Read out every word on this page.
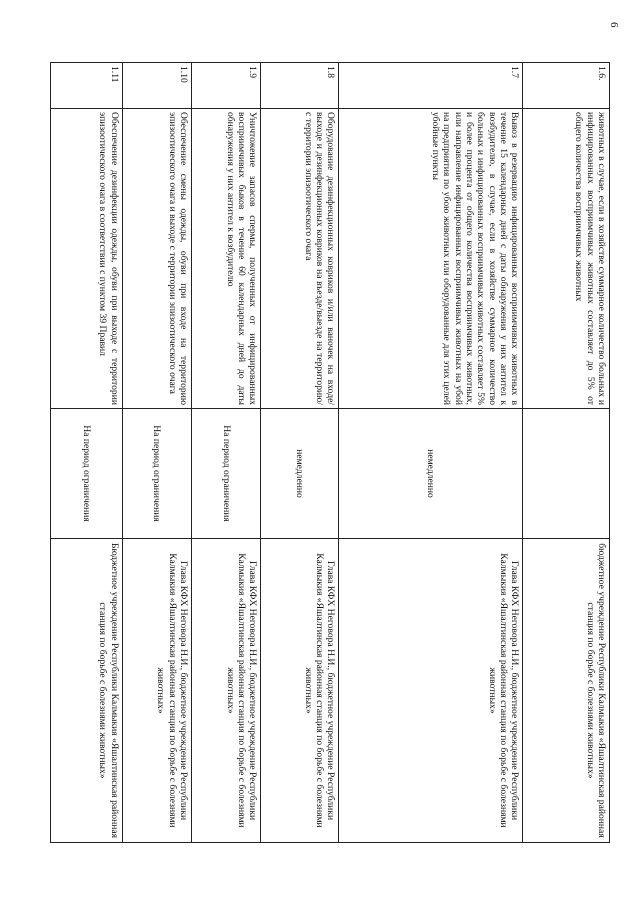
6
1.6.	животных в случае, если в хозяйстве суммарное количество больных и инфицированных восприимчивых животных составляет до 5% от общего количества восприимчивых животных		бюджетное учреждение Республики Калмыкия «Яшалтинская районная станция по борьбе с болезнями животных»
1.7	Вывоз в резервацию инфицированных восприимчивых животных в течение 15 календарных дней с даты обнаружения у них антител к возбудителю, в случае, если в хозяйстве суммарное количество больных и инфицированных восприимчивых животных составляет 5% и более процента от общего количества восприимчивых животных, или направление инфицированных восприимчивых животных на убой на предприятия по убою животных или оборудованные для этих целей убойные пункты	немедленно	Глава КФХ Неговора Н.И., бюджетное учреждение Республики Калмыкия «Яшалтинская районная станция по борьбе с болезнями животных»
1.8	Оборудование дезинфекционных ковриков и/или ваночек на входе/выходе и дезинфекционных ковриков на въезде/выезде на территорию/с территории эпизоотического очага	немедленно	Глава КФХ Неговора Н.И., бюджетное учреждение Республики Калмыкия «Яшалтинская районная станция по борьбе с болезнями животных»
1.9	Уничтожение запасов спермы, полученных от инфицированных восприимчивых быков в течение 60 календарных дней до даты обнаружения у них антител к возбудителю	На период ограничения	Глава КФХ Неговора Н.И., бюджетное учреждение Республики Калмыкия «Яшалтинская районная станция по борьбе с болезнями животных»
1.10	Обеспечение смены одежды, обуви при входе на территорию эпизоотического очага и выходе с территории эпизоотического очага	На период ограничения	Глава КФХ Неговора Н.И., бюджетное учреждение Республики Калмыкия «Яшалтинская районная станция по борьбе с болезнями животных»
1.11	Обеспечение дезинфекции одежды, обуви при выходе с территории эпизоотического очага в соответствии с пунктом 39 Правил	На период ограничения	Бюджетное учреждение Республики Калмыкия «Яшалтинская районная станция по борьбе с болезнями животных»
